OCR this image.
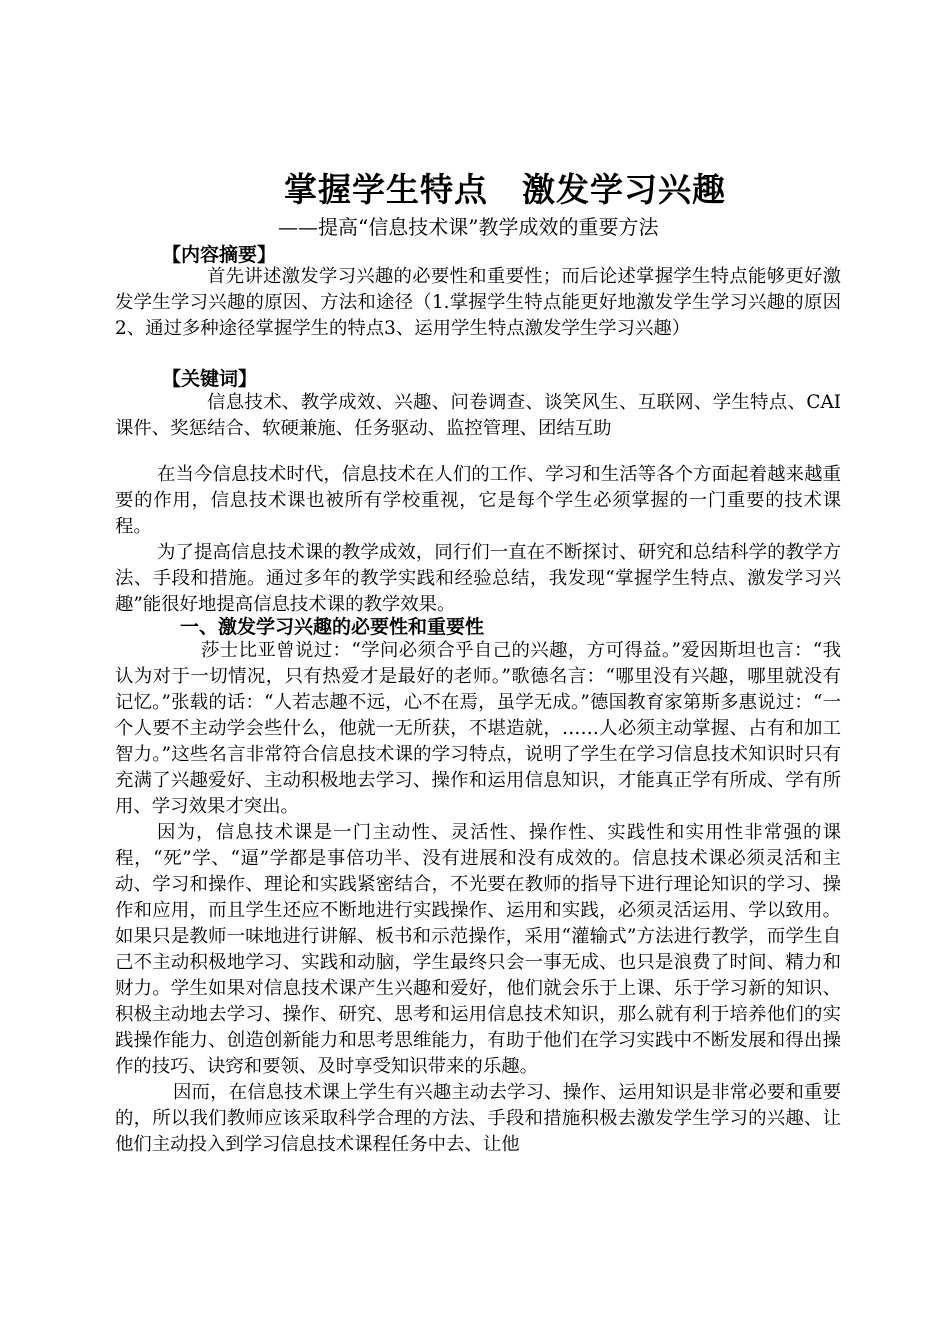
掌握学生特点　激发学习兴趣
——提高“信息技术课”教学成效的重要方法
【内容摘要】

首先讲述激发学习兴趣的必要性和重要性；而后论述掌握学生特点能够更好激发学生学习兴趣的原因、方法和途径（1.掌握学生特点能更好地激发学生学习兴趣的原因2、通过多种途径掌握学生的特点3、运用学生特点激发学生学习兴趣）

【关键词】

信息技术、教学成效、兴趣、问卷调查、谈笑风生、互联网、学生特点、CAI课件、奖惩结合、软硬兼施、任务驱动、监控管理、团结互助

在当今信息技术时代，信息技术在人们的工作、学习和生活等各个方面起着越来越重要的作用，信息技术课也被所有学校重视，它是每个学生必须掌握的一门重要的技术课程。

为了提高信息技术课的教学成效，同行们一直在不断探讨、研究和总结科学的教学方法、手段和措施。通过多年的教学实践和经验总结，我发现“掌握学生特点、激发学习兴趣”能很好地提高信息技术课的教学效果。

一、激发学习兴趣的必要性和重要性

莎士比亚曾说过：“学问必须合乎自己的兴趣，方可得益。”爱因斯坦也言：“我认为对于一切情况，只有热爱才是最好的老师。”歌德名言：“哪里没有兴趣，哪里就没有记忆。”张载的话：“人若志趣不远，心不在焉，虽学无成。”德国教育家第斯多惠说过：“一个人要不主动学会些什么，他就一无所获，不堪造就，……人必须主动掌握、占有和加工智力。”这些名言非常符合信息技术课的学习特点，说明了学生在学习信息技术知识时只有充满了兴趣爱好、主动积极地去学习、操作和运用信息知识，才能真正学有所成、学有所用、学习效果才突出。

因为，信息技术课是一门主动性、灵活性、操作性、实践性和实用性非常强的课程，“死”学、“逼”学都是事倍功半、没有进展和没有成效的。信息技术课必须灵活和主动、学习和操作、理论和实践紧密结合，不光要在教师的指导下进行理论知识的学习、操作和应用，而且学生还应不断地进行实践操作、运用和实践，必须灵活运用、学以致用。如果只是教师一味地进行讲解、板书和示范操作，采用“灌输式”方法进行教学，而学生自己不主动积极地学习、实践和动脑，学生最终只会一事无成、也只是浪费了时间、精力和财力。学生如果对信息技术课产生兴趣和爱好，他们就会乐于上课、乐于学习新的知识、积极主动地去学习、操作、研究、思考和运用信息技术知识，那么就有利于培养他们的实践操作能力、创造创新能力和思考思维能力，有助于他们在学习实践中不断发展和得出操作的技巧、诀窍和要领、及时享受知识带来的乐趣。

因而，在信息技术课上学生有兴趣主动去学习、操作、运用知识是非常必要和重要的，所以我们教师应该采取科学合理的方法、手段和措施积极去激发学生学习的兴趣、让他们主动投入到学习信息技术课程任务中去、让他
